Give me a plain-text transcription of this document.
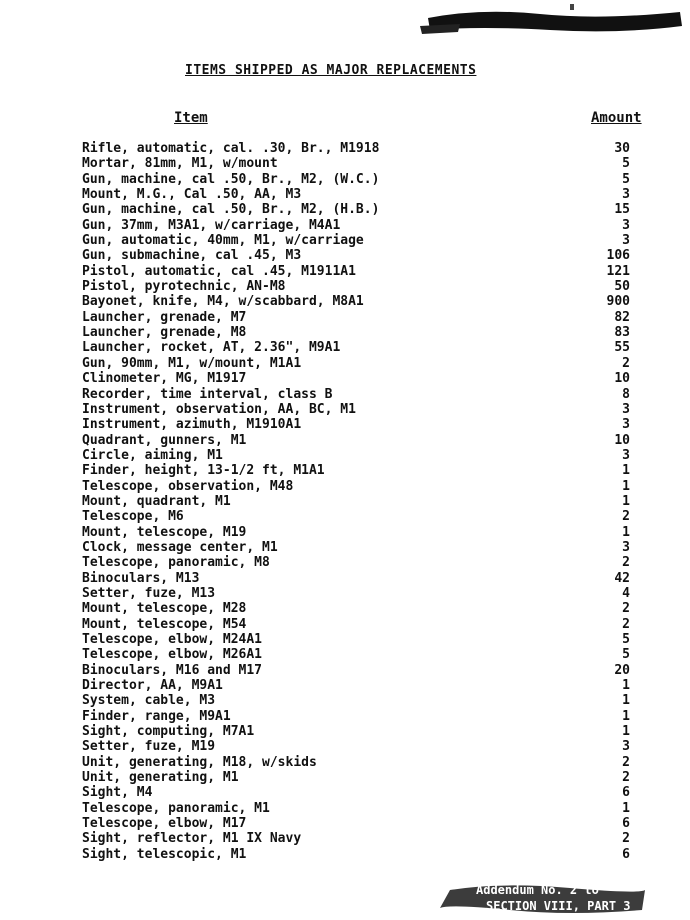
ITEMS SHIPPED AS MAJOR REPLACEMENTS
Item	Amount
Rifle, automatic, cal. .30, Br., M1918	30
Mortar, 81mm, M1, w/mount	5
Gun, machine, cal .50, Br., M2, (W.C.)	5
Mount, M.G., Cal .50, AA, M3	3
Gun, machine, cal .50, Br., M2, (H.B.)	15
Gun, 37mm, M3A1, w/carriage, M4A1	3
Gun, automatic, 40mm, M1, w/carriage	3
Gun, submachine, cal .45, M3	106
Pistol, automatic, cal .45, M1911A1	121
Pistol, pyrotechnic, AN-M8	50
Bayonet, knife, M4, w/scabbard, M8A1	900
Launcher, grenade, M7	82
Launcher, grenade, M8	83
Launcher, rocket, AT, 2.36", M9A1	55
Gun, 90mm, M1, w/mount, M1A1	2
Clinometer, MG, M1917	10
Recorder, time interval, class B	8
Instrument, observation, AA, BC, M1	3
Instrument, azimuth, M1910A1	3
Quadrant, gunners, M1	10
Circle, aiming, M1	3
Finder, height, 13-1/2 ft, M1A1	1
Telescope, observation, M48	1
Mount, quadrant, M1	1
Telescope, M6	2
Mount, telescope, M19	1
Clock, message center, M1	3
Telescope, panoramic, M8	2
Binoculars, M13	42
Setter, fuze, M13	4
Mount, telescope, M28	2
Mount, telescope, M54	2
Telescope, elbow, M24A1	5
Telescope, elbow, M26A1	5
Binoculars, M16 and M17	20
Director, AA, M9A1	1
System, cable, M3	1
Finder, range, M9A1	1
Sight, computing, M7A1	1
Setter, fuze, M19	3
Unit, generating, M18, w/skids	2
Unit, generating, M1	2
Sight, M4	6
Telescope, panoramic, M1	1
Telescope, elbow, M17	6
Sight, reflector, M1 IX Navy	2
Sight, telescopic, M1	6
Addendum No. 2 to
SECTION VIII, PART 3
